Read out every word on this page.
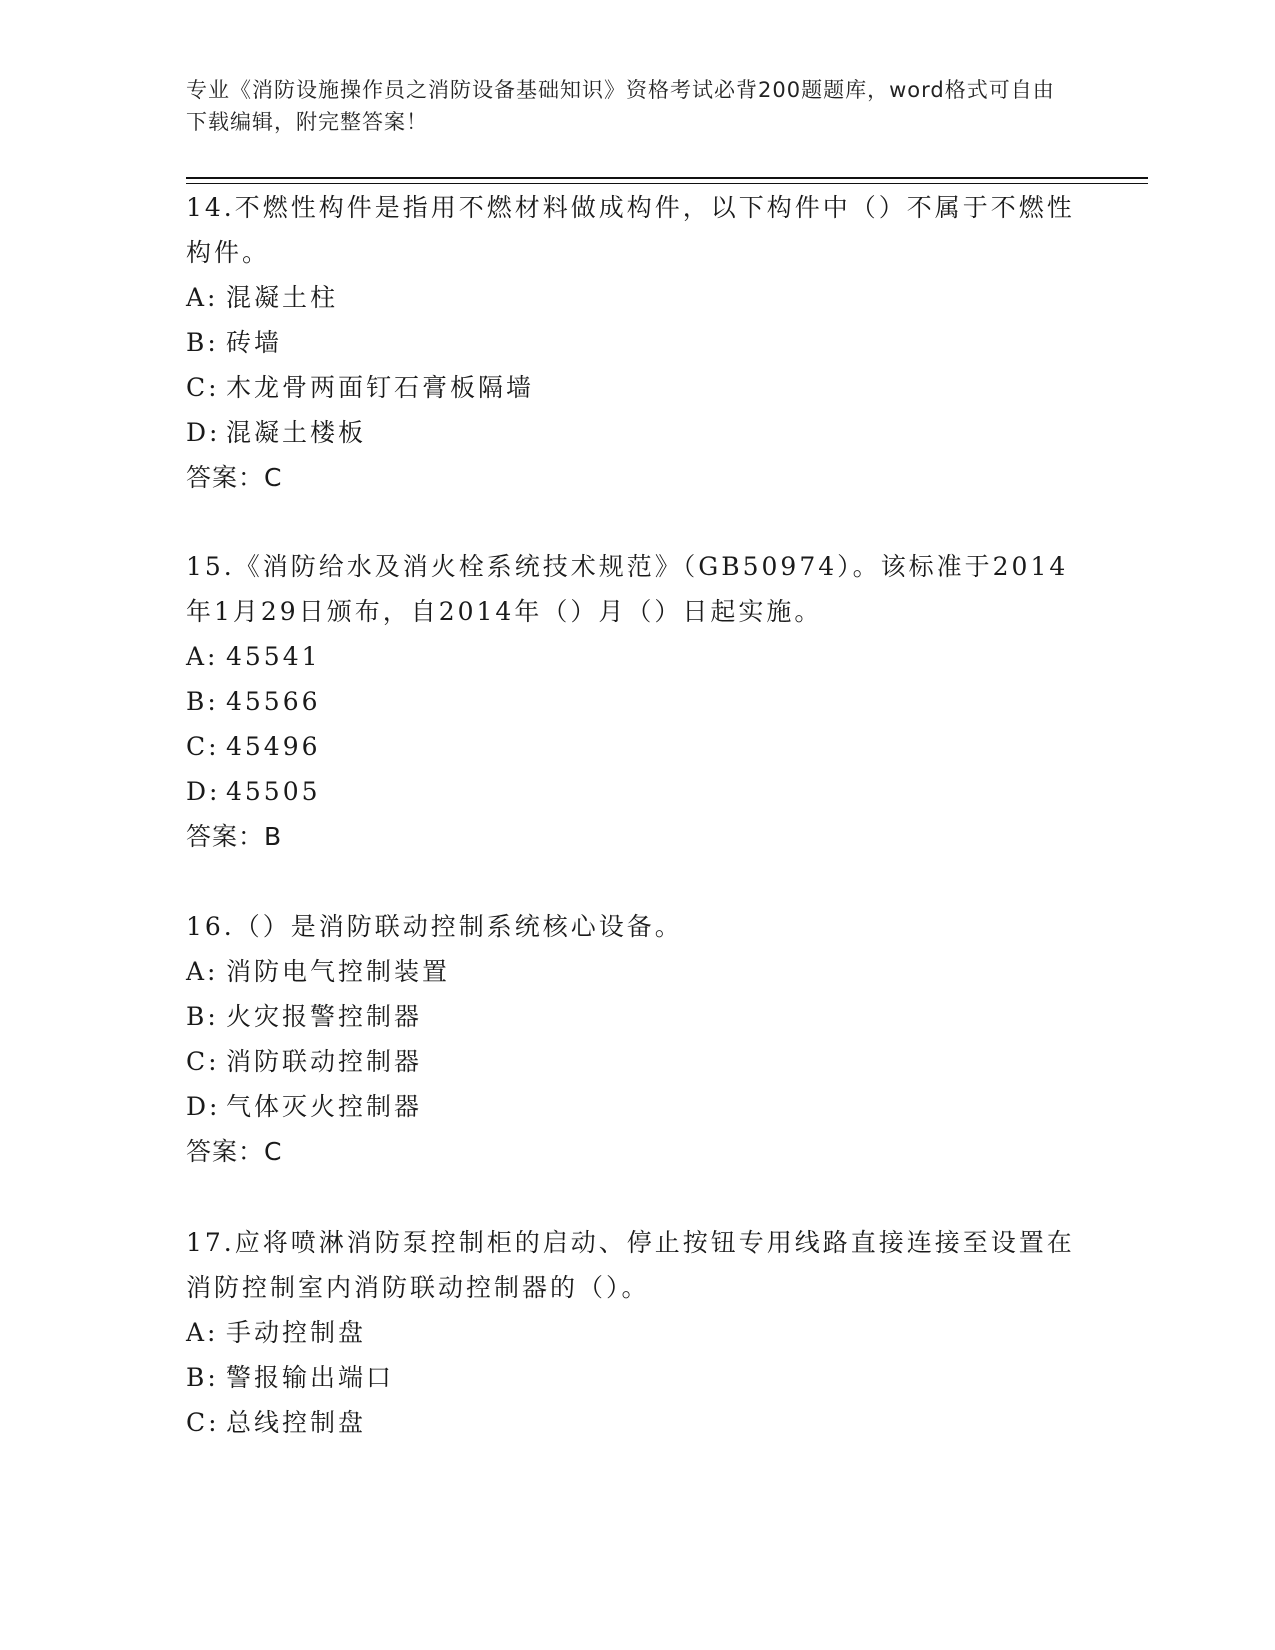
专业《消防设施操作员之消防设备基础知识》资格考试必背200题题库，word格式可自由下载编辑，附完整答案！

14.不燃性构件是指用不燃材料做成构件，以下构件中（）不属于不燃性构件。

A: 混凝土柱

B: 砖墙

C: 木龙骨两面钉石膏板隔墙

D: 混凝土楼板

答案：C

15.《消防给水及消火栓系统技术规范》（GB50974）。该标准于2014年1月29日颁布，自2014年（）月（）日起实施。

A: 45541

B: 45566

C: 45496

D: 45505

答案：B

16.（）是消防联动控制系统核心设备。

A: 消防电气控制装置

B: 火灾报警控制器

C: 消防联动控制器

D: 气体灭火控制器

答案：C

17.应将喷淋消防泵控制柜的启动、停止按钮专用线路直接连接至设置在消防控制室内消防联动控制器的（）。

A: 手动控制盘

B: 警报输出端口

C: 总线控制盘
